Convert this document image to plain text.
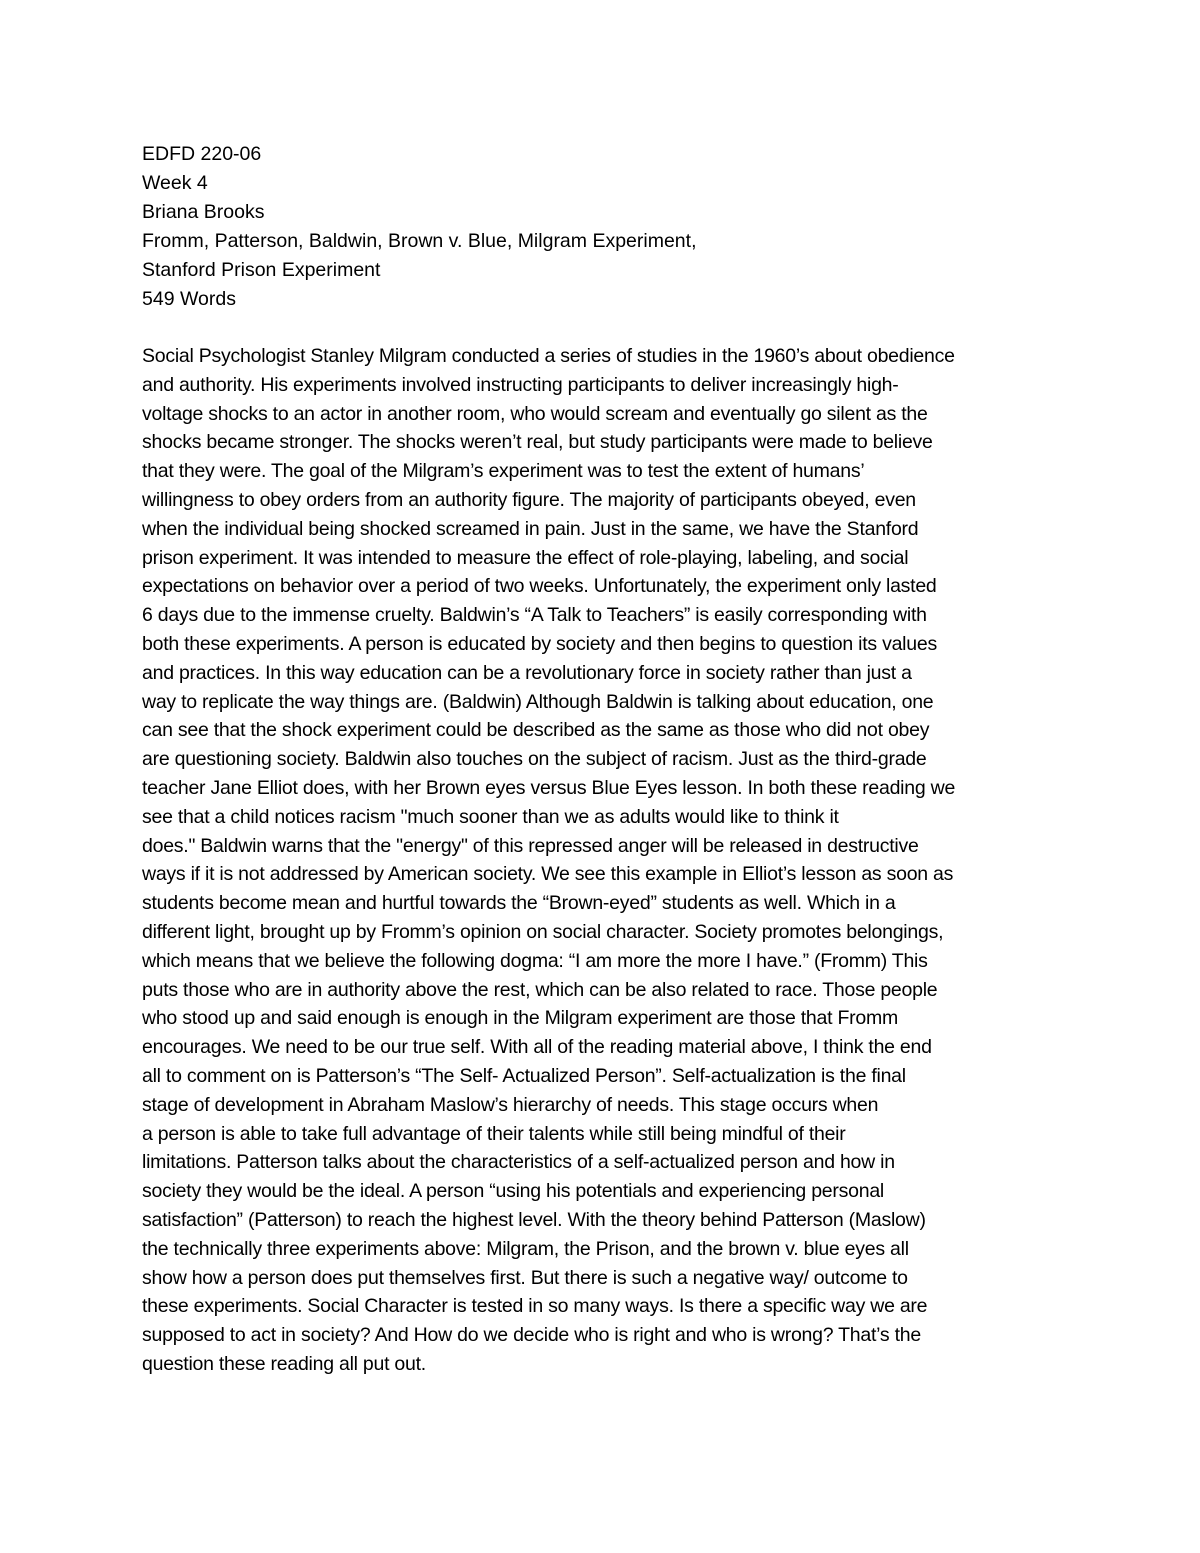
EDFD 220-06
Week 4
Briana Brooks
Fromm, Patterson, Baldwin, Brown v. Blue, Milgram Experiment,
Stanford Prison Experiment
549 Words
Social Psychologist Stanley Milgram conducted a series of studies in the 1960’s about obedience
and authority. His experiments involved instructing participants to deliver increasingly high-
voltage shocks to an actor in another room, who would scream and eventually go silent as the
shocks became stronger. The shocks weren’t real, but study participants were made to believe
that they were. The goal of the Milgram’s experiment was to test the extent of humans’
willingness to obey orders from an authority figure. The majority of participants obeyed, even
when the individual being shocked screamed in pain. Just in the same, we have the Stanford
prison experiment. It was intended to measure the effect of role-playing, labeling, and social
expectations on behavior over a period of two weeks. Unfortunately, the experiment only lasted
6 days due to the immense cruelty. Baldwin’s “A Talk to Teachers” is easily corresponding with
both these experiments. A person is educated by society and then begins to question its values
and practices. In this way education can be a revolutionary force in society rather than just a
way to replicate the way things are. (Baldwin) Although Baldwin is talking about education, one
can see that the shock experiment could be described as the same as those who did not obey
are questioning society. Baldwin also touches on the subject of racism. Just as the third-grade
teacher Jane Elliot does, with her Brown eyes versus Blue Eyes lesson. In both these reading we
see that a child notices racism "much sooner than we as adults would like to think it
does." Baldwin warns that the "energy" of this repressed anger will be released in destructive
ways if it is not addressed by American society. We see this example in Elliot’s lesson as soon as
students become mean and hurtful towards the “Brown-eyed” students as well. Which in a
different light, brought up by Fromm’s opinion on social character. Society promotes belongings,
which means that we believe the following dogma: “I am more the more I have.” (Fromm) This
puts those who are in authority above the rest, which can be also related to race. Those people
who stood up and said enough is enough in the Milgram experiment are those that Fromm
encourages. We need to be our true self. With all of the reading material above, I think the end
all to comment on is Patterson’s “The Self- Actualized Person”. Self-actualization is the final
stage of development in Abraham Maslow’s hierarchy of needs. This stage occurs when
a person is able to take full advantage of their talents while still being mindful of their
limitations. Patterson talks about the characteristics of a self-actualized person and how in
society they would be the ideal. A person “using his potentials and experiencing personal
satisfaction” (Patterson) to reach the highest level. With the theory behind Patterson (Maslow)
the technically three experiments above: Milgram, the Prison, and the brown v. blue eyes all
show how a person does put themselves first. But there is such a negative way/ outcome to
these experiments. Social Character is tested in so many ways. Is there a specific way we are
supposed to act in society? And How do we decide who is right and who is wrong? That’s the
question these reading all put out.
